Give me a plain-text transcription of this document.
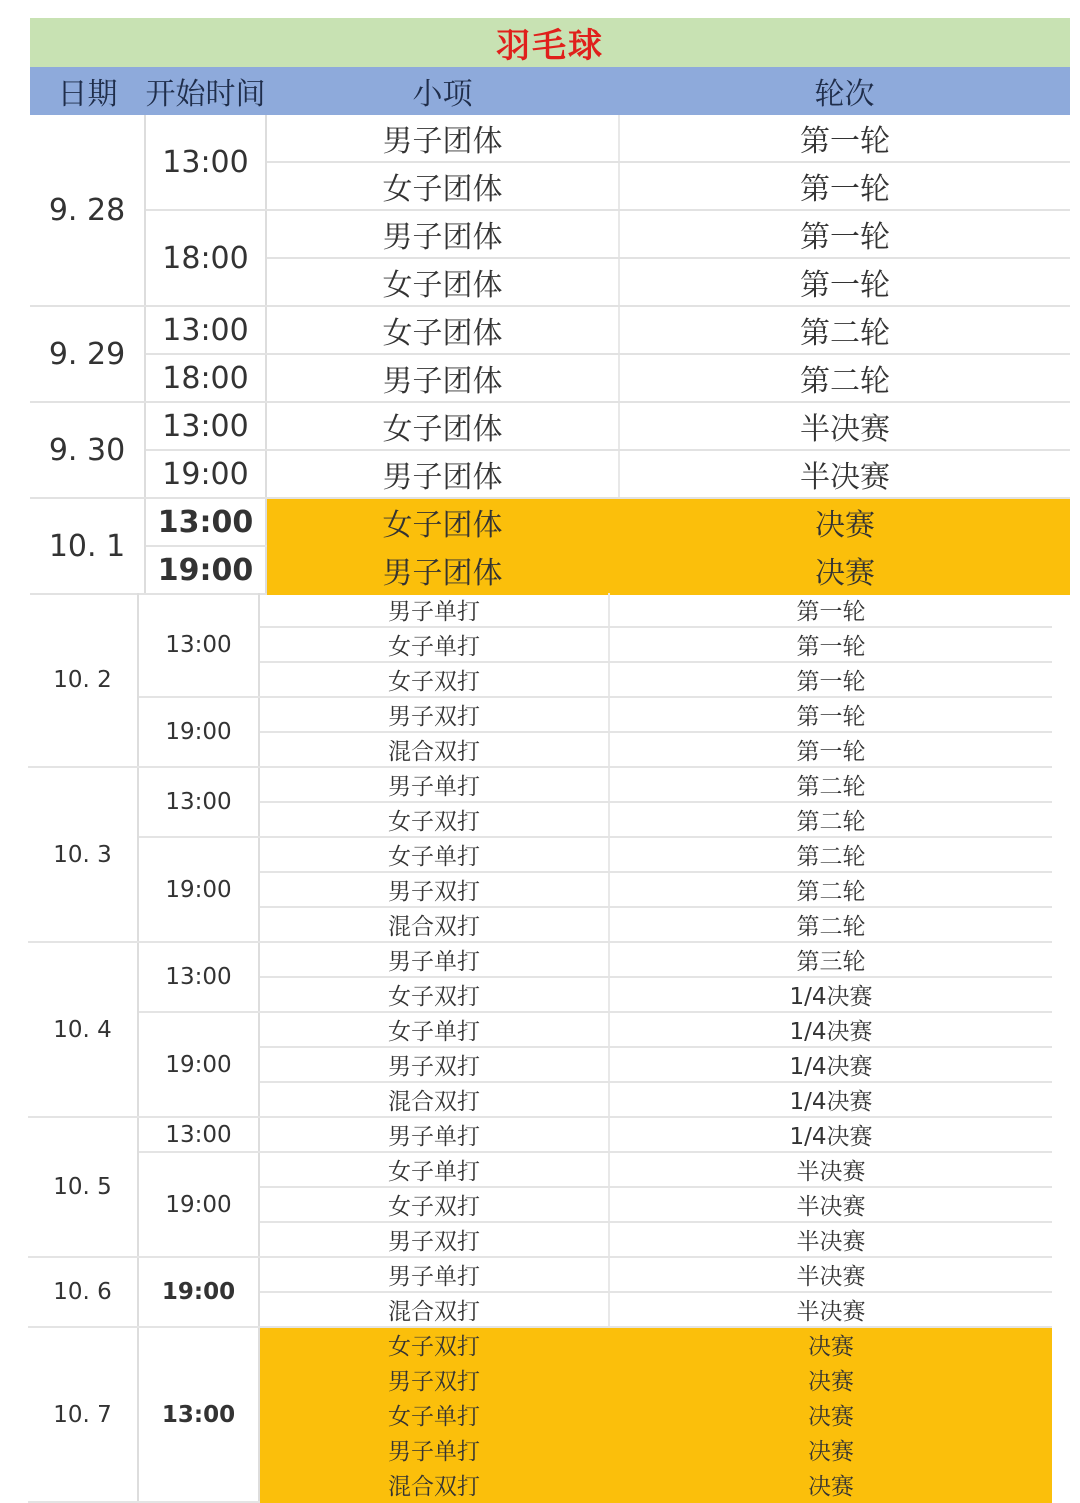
羽毛球			
日期	开始时间	小项	轮次
9. 28	13:00	男子团体	第一轮
		女子团体	第一轮
	18:00	男子团体	第一轮
		女子团体	第一轮
9. 29	13:00	女子团体	第二轮
	18:00	男子团体	第二轮
9. 30	13:00	女子团体	半决赛
	19:00	男子团体	半决赛
10. 1	13:00	女子团体	决赛
	19:00	男子团体	决赛
10. 2	13:00	男子单打	第一轮
		女子单打	第一轮
		女子双打	第一轮
	19:00	男子双打	第一轮
		混合双打	第一轮
10. 3	13:00	男子单打	第二轮
		女子双打	第二轮
	19:00	女子单打	第二轮
		男子双打	第二轮
		混合双打	第二轮
10. 4	13:00	男子单打	第三轮
		女子双打	1/4决赛
	19:00	女子单打	1/4决赛
		男子双打	1/4决赛
		混合双打	1/4决赛
10. 5	13:00	男子单打	1/4决赛
	19:00	女子单打	半决赛
		女子双打	半决赛
		男子双打	半决赛
10. 6	19:00	男子单打	半决赛
		混合双打	半决赛
10. 7	13:00	女子双打	决赛
		男子双打	决赛
		女子单打	决赛
		男子单打	决赛
		混合双打	决赛
